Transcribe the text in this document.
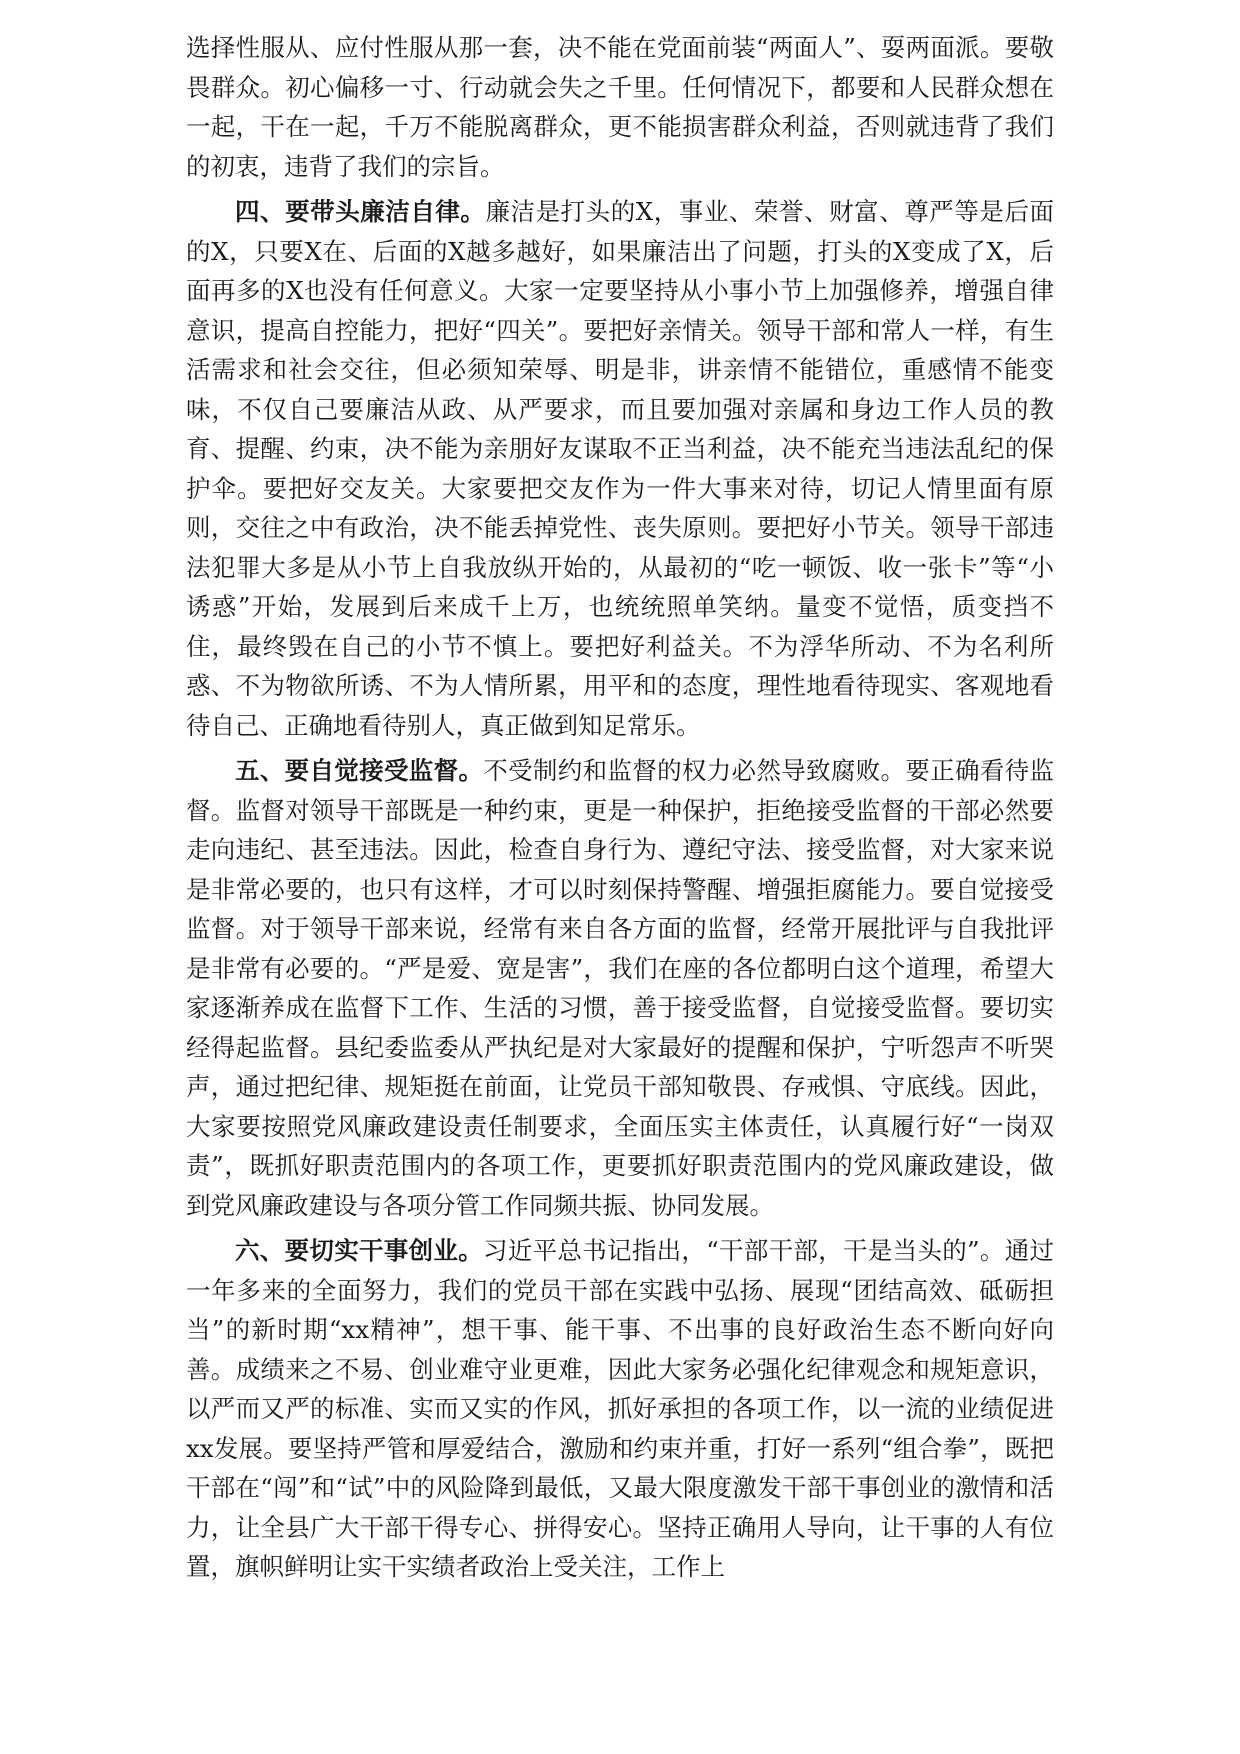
选择性服从、应付性服从那一套，决不能在党面前装“两面人”、耍两面派。要敬畏群众。初心偏移一寸、行动就会失之千里。任何情况下，都要和人民群众想在一起，干在一起，千万不能脱离群众，更不能损害群众利益，否则就违背了我们的初衷，违背了我们的宗旨。

四、要带头廉洁自律。廉洁是打头的X，事业、荣誉、财富、尊严等是后面的X，只要X在、后面的X越多越好，如果廉洁出了问题，打头的X变成了X，后面再多的X也没有任何意义。大家一定要坚持从小事小节上加强修养，增强自律意识，提高自控能力，把好“四关”。要把好亲情关。领导干部和常人一样，有生活需求和社会交往，但必须知荣辱、明是非，讲亲情不能错位，重感情不能变味，不仅自己要廉洁从政、从严要求，而且要加强对亲属和身边工作人员的教育、提醒、约束，决不能为亲朋好友谋取不正当利益，决不能充当违法乱纪的保护伞。要把好交友关。大家要把交友作为一件大事来对待，切记人情里面有原则，交往之中有政治，决不能丢掉党性、丧失原则。要把好小节关。领导干部违法犯罪大多是从小节上自我放纵开始的，从最初的“吃一顿饭、收一张卡”等“小诱惑”开始，发展到后来成千上万，也统统照单笑纳。量变不觉悟，质变挡不住，最终毁在自己的小节不慎上。要把好利益关。不为浮华所动、不为名利所惑、不为物欲所诱、不为人情所累，用平和的态度，理性地看待现实、客观地看待自己、正确地看待别人，真正做到知足常乐。

五、要自觉接受监督。不受制约和监督的权力必然导致腐败。要正确看待监督。监督对领导干部既是一种约束，更是一种保护，拒绝接受监督的干部必然要走向违纪、甚至违法。因此，检查自身行为、遵纪守法、接受监督，对大家来说是非常必要的，也只有这样，才可以时刻保持警醒、增强拒腐能力。要自觉接受监督。对于领导干部来说，经常有来自各方面的监督，经常开展批评与自我批评是非常有必要的。“严是爱、宽是害”，我们在座的各位都明白这个道理，希望大家逐渐养成在监督下工作、生活的习惯，善于接受监督，自觉接受监督。要切实经得起监督。县纪委监委从严执纪是对大家最好的提醒和保护，宁听怨声不听哭声，通过把纪律、规矩挺在前面，让党员干部知敬畏、存戒惧、守底线。因此，大家要按照党风廉政建设责任制要求，全面压实主体责任，认真履行好“一岗双责”，既抓好职责范围内的各项工作，更要抓好职责范围内的党风廉政建设，做到党风廉政建设与各项分管工作同频共振、协同发展。

六、要切实干事创业。习近平总书记指出，“干部干部，干是当头的”。通过一年多来的全面努力，我们的党员干部在实践中弘扬、展现“团结高效、砥砺担当”的新时期“xx精神”，想干事、能干事、不出事的良好政治生态不断向好向善。成绩来之不易、创业难守业更难，因此大家务必强化纪律观念和规矩意识，以严而又严的标准、实而又实的作风，抓好承担的各项工作，以一流的业绩促进xx发展。要坚持严管和厚爱结合，激励和约束并重，打好一系列“组合拳”，既把干部在“闯”和“试”中的风险降到最低，又最大限度激发干部干事创业的激情和活力，让全县广大干部干得专心、拼得安心。坚持正确用人导向，让干事的人有位置，旗帜鲜明让实干实绩者政治上受关注，工作上
